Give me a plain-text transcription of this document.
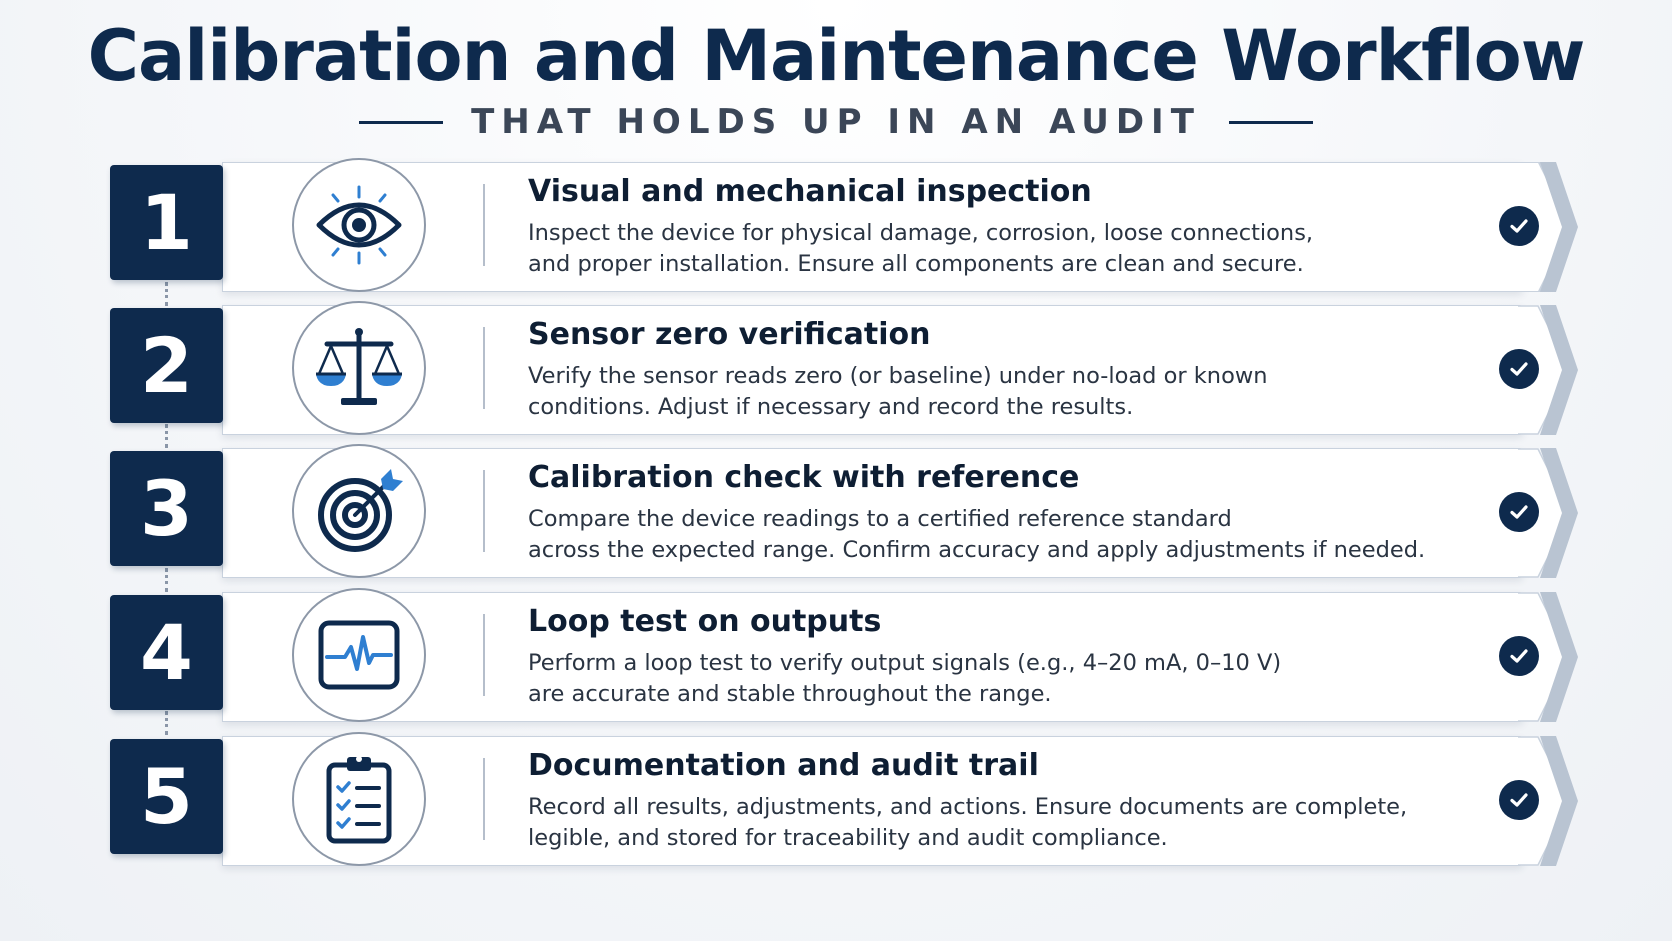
Calibration and Maintenance Workflow
THAT HOLDS UP IN AN AUDIT
1	Visual and mechanical inspection
Inspect the device for physical damage, corrosion, loose connections,
and proper installation. Ensure all components are clean and secure.
2	Sensor zero verification
Verify the sensor reads zero (or baseline) under no-load or known
conditions. Adjust if necessary and record the results.
3	Calibration check with reference
Compare the device readings to a certified reference standard
across the expected range. Confirm accuracy and apply adjustments if needed.
4	Loop test on outputs
Perform a loop test to verify output signals (e.g., 4–20 mA, 0–10 V)
are accurate and stable throughout the range.
5	Documentation and audit trail
Record all results, adjustments, and actions. Ensure documents are complete,
legible, and stored for traceability and audit compliance.
